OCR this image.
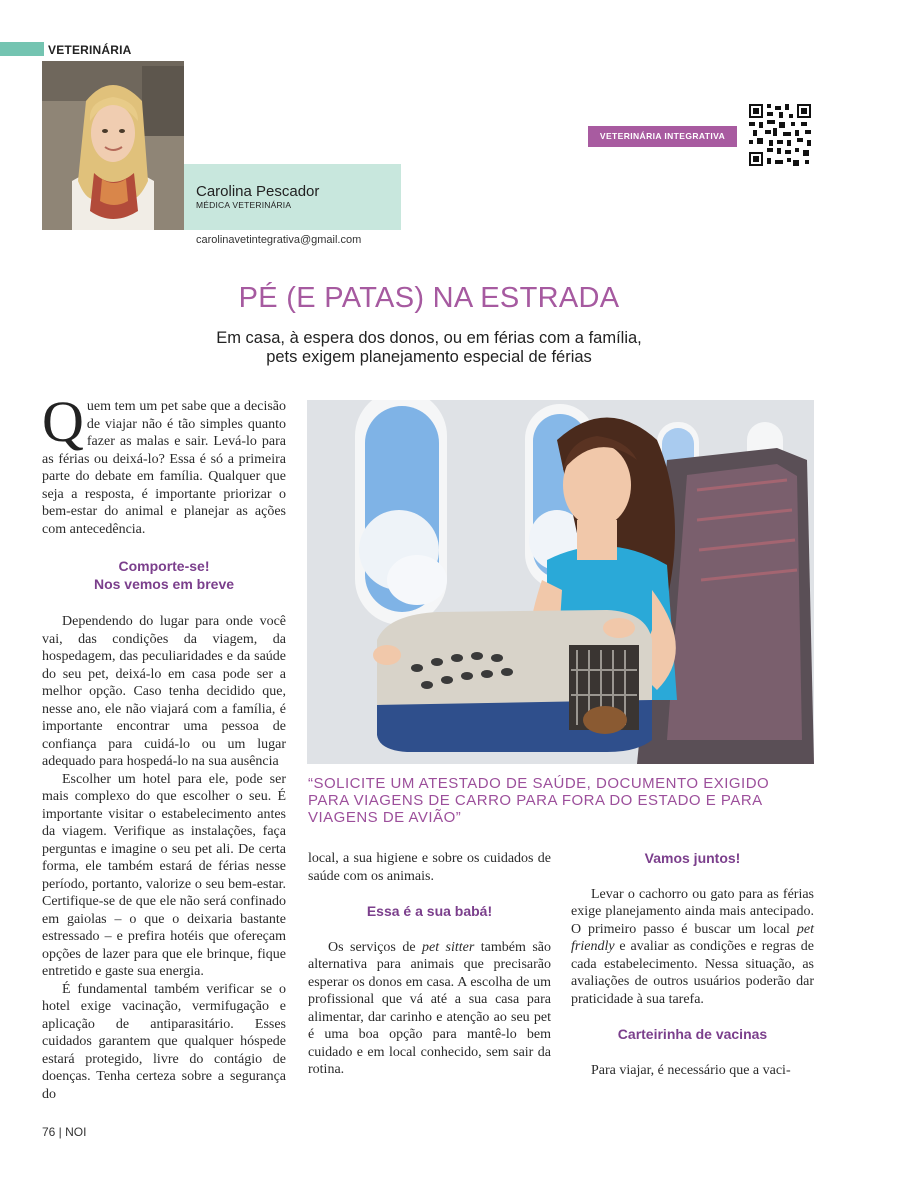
VETERINÁRIA
Carolina Pescador
MÉDICA VETERINÁRIA
carolinavetintegrativa@gmail.com
VETERINÁRIA INTEGRATIVA
PÉ (E PATAS) NA ESTRADA
Em casa, à espera dos donos, ou em férias com a família,
pets exigem planejamento especial de férias

Quem tem um pet sabe que a decisão de viajar não é tão simples quanto fazer as malas e sair. Levá-lo para as férias ou deixá-lo? Essa é só a primeira parte do debate em família. Qualquer que seja a resposta, é importante priorizar o bem-estar do animal e planejar as ações com antecedência.

Comporte-se!
Nos vemos em breve

Dependendo do lugar para onde você vai, das condições da viagem, da hospedagem, das peculiaridades e da saúde do seu pet, deixá-lo em casa pode ser a melhor opção. Caso tenha decidido que, nesse ano, ele não viajará com a família, é importante encontrar uma pessoa de confiança para cuidá-lo ou um lugar adequado para hospedá-lo na sua ausência

Escolher um hotel para ele, pode ser mais complexo do que escolher o seu. É importante visitar o estabelecimento antes da viagem. Verifique as instalações, faça perguntas e imagine o seu pet ali. De certa forma, ele também estará de férias nesse período, portanto, valorize o seu bem-estar. Certifique-se de que ele não será confinado em gaiolas – o que o deixaria bastante estressado – e prefira hotéis que ofereçam opções de lazer para que ele brinque, fique entretido e gaste sua energia.

É fundamental também verificar se o hotel exige vacinação, vermifugação e aplicação de antiparasitário. Esses cuidados garantem que qualquer hóspede estará protegido, livre do contágio de doenças. Tenha certeza sobre a segurança do

“SOLICITE UM ATESTADO DE SAÚDE, DOCUMENTO EXIGIDO PARA VIAGENS DE CARRO PARA FORA DO ESTADO E PARA VIAGENS DE AVIÃO”

local, a sua higiene e sobre os cuidados de saúde com os animais.

Essa é a sua babá!

Os serviços de pet sitter também são alternativa para animais que precisarão esperar os donos em casa. A escolha de um profissional que vá até a sua casa para alimentar, dar carinho e atenção ao seu pet é uma boa opção para mantê-lo bem cuidado e em local conhecido, sem sair da rotina.

Vamos juntos!

Levar o cachorro ou gato para as férias exige planejamento ainda mais antecipado. O primeiro passo é buscar um local pet friendly e avaliar as condições e regras de cada estabelecimento. Nessa situação, as avaliações de outros usuários poderão dar praticidade à sua tarefa.

Carteirinha de vacinas

Para viajar, é necessário que a vaci-

76 | NOI
